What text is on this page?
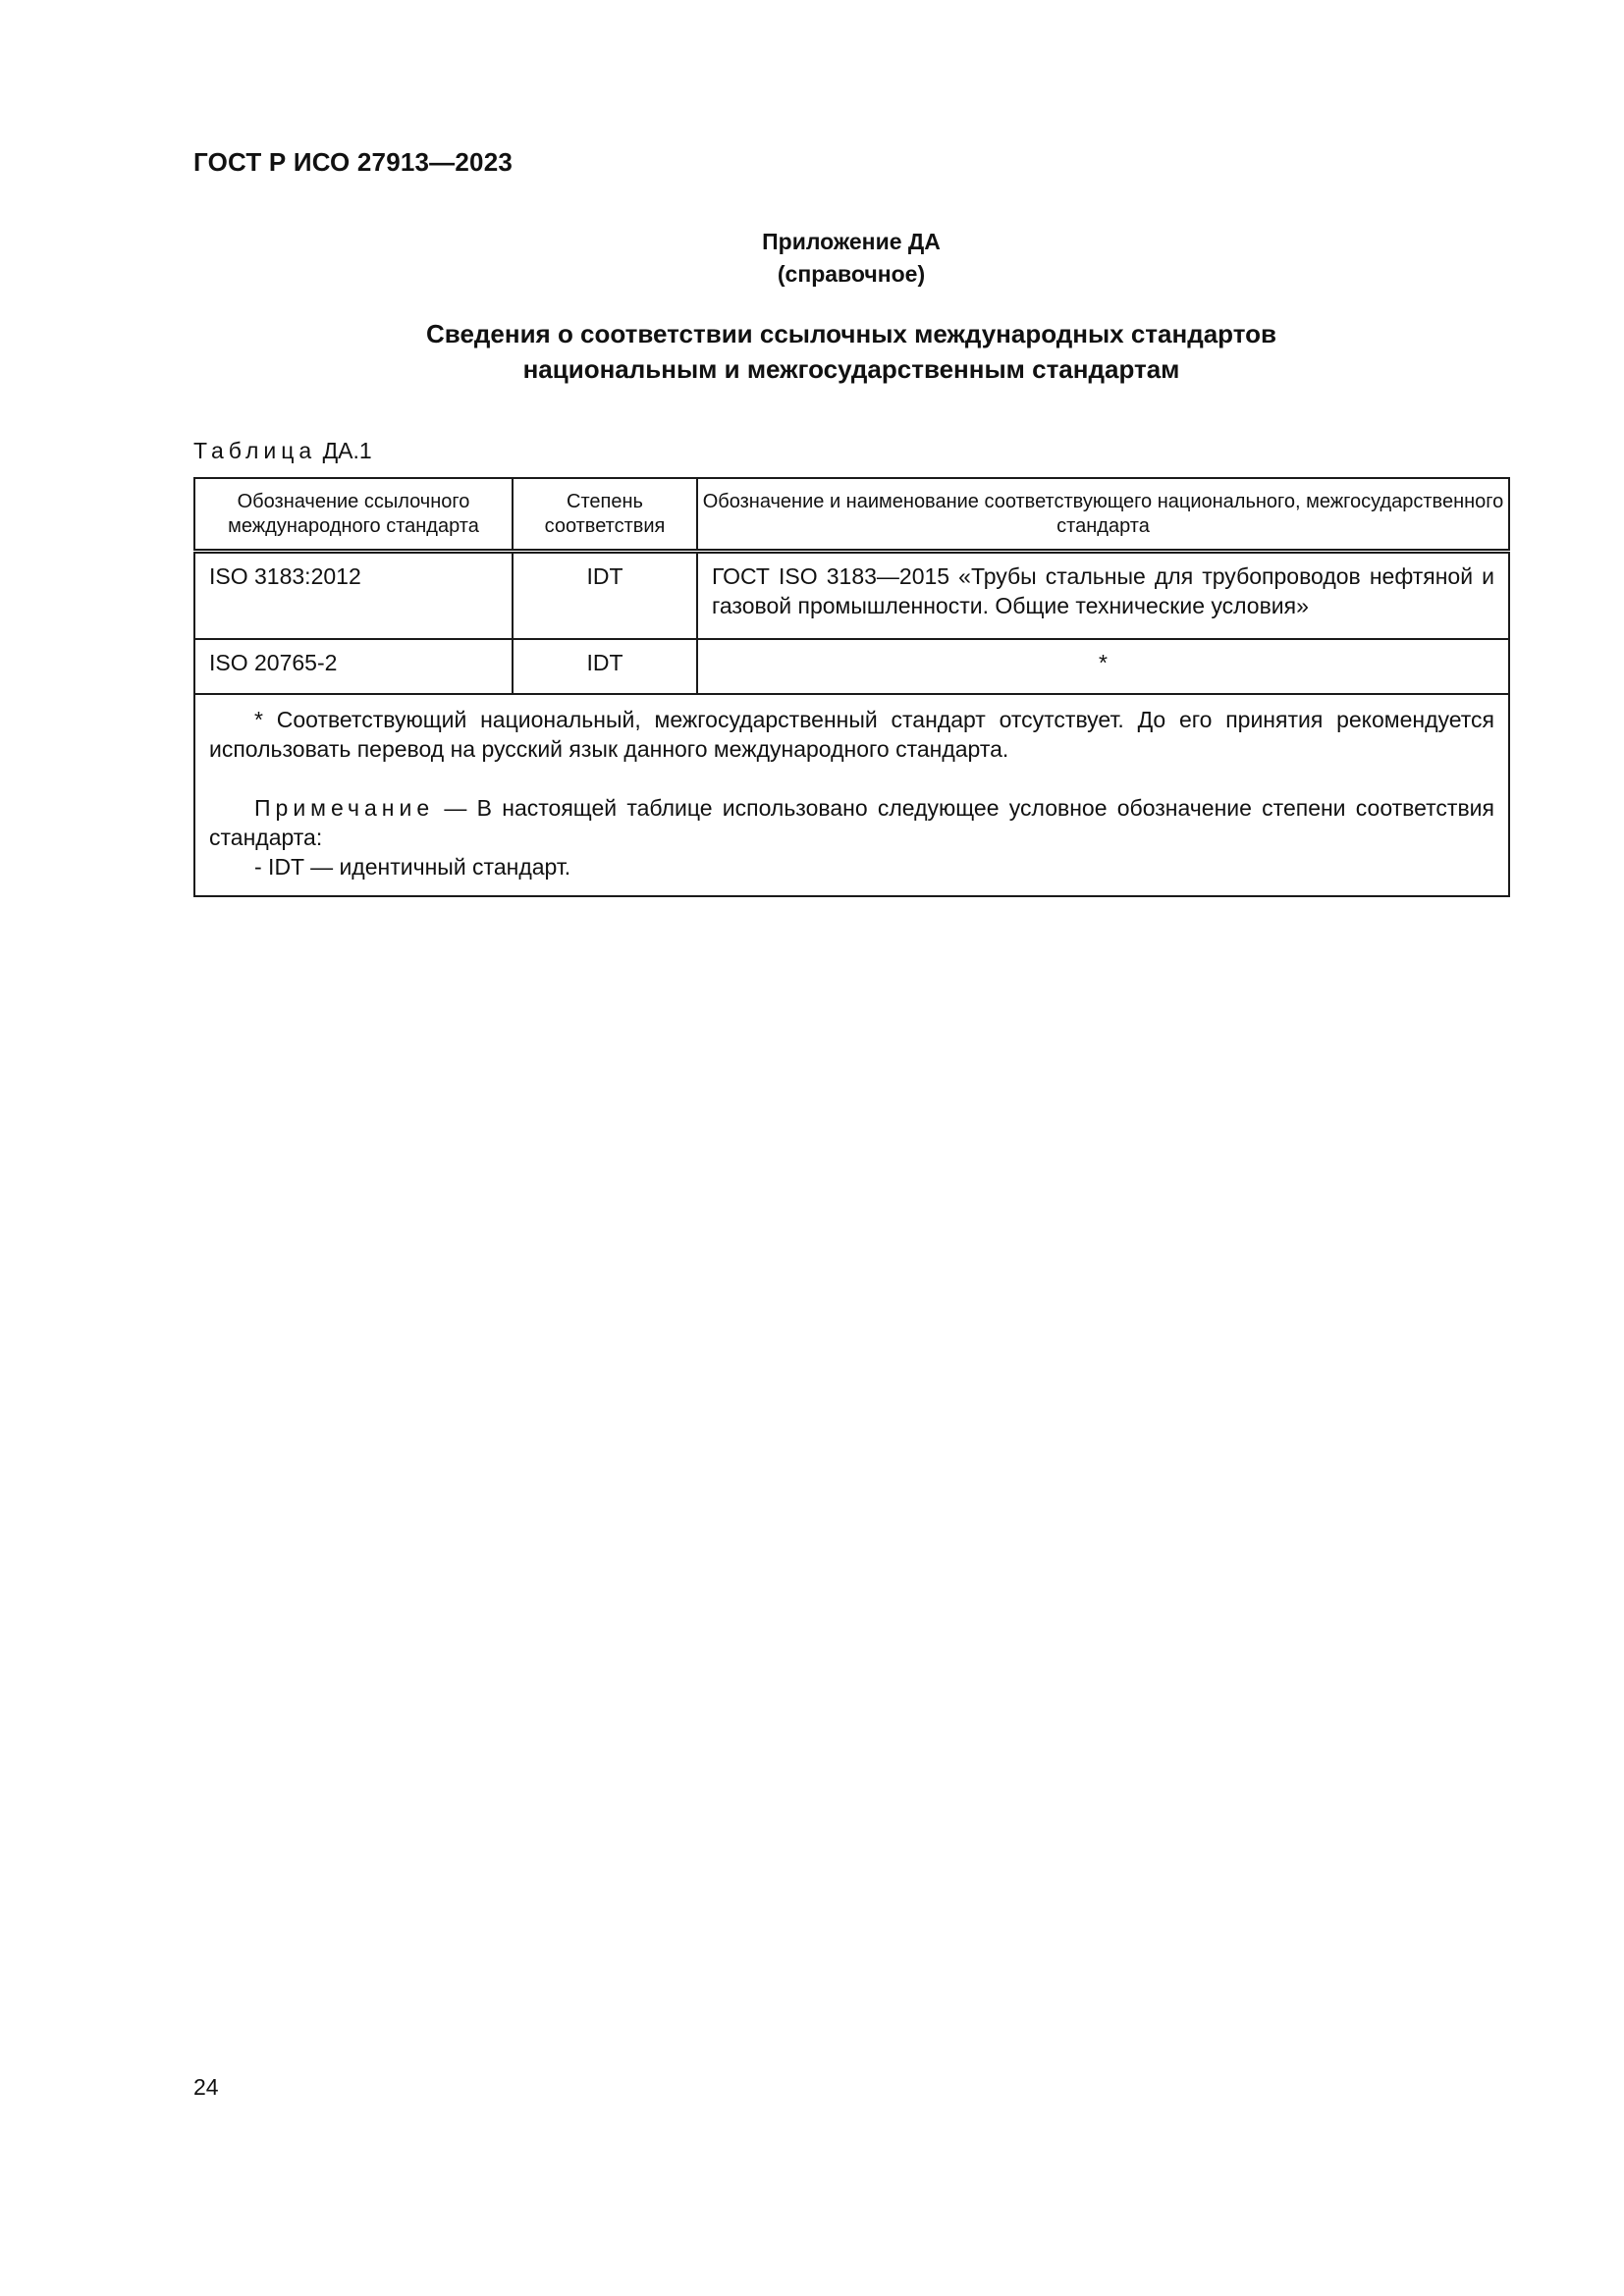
ГОСТ Р ИСО 27913—2023
Приложение ДА
(справочное)
Сведения о соответствии ссылочных международных стандартов
национальным и межгосударственным стандартам
Таблица ДА.1
Обозначение ссылочного международного стандарта	Степень соответствия	Обозначение и наименование соответствующего национального, межгосударственного стандарта
ISO 3183:2012	IDT	ГОСТ ISO 3183—2015 «Трубы стальные для трубопроводов нефтяной и газовой промышленности. Общие технические условия»
ISO 20765-2	IDT	*

* Соответствующий национальный, межгосударственный стандарт отсутствует. До его принятия рекомендуется использовать перевод на русский язык данного международного стандарта.

Примечание — В настоящей таблице использовано следующее условное обозначение степени соответствия стандарта:

- IDT — идентичный стандарт.		

24
